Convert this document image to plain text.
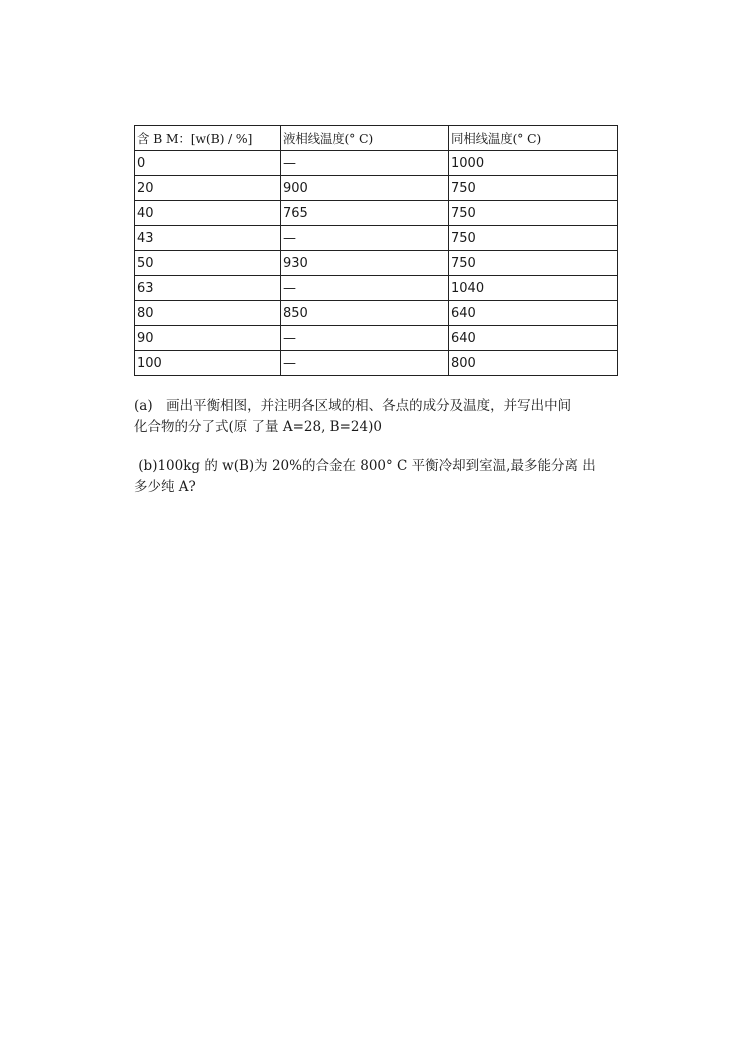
含 B M：[w(B) / %]	液相线温度(° C)	同相线温度(° C)
0	—	1000
20	900	750
40	765	750
43	—	750
50	930	750
63	—	1040
80	850	640
90	—	640
100	—	800
(a)　画出平衡相图，并注明各区域的相、各点的成分及温度，并写出中间
化合物的分了式(原 了量 A=28, B=24)0
(b)100kg 的 w(B)为 20%的合金在 800° C 平衡冷却到室温,最多能分离 出
多少纯 A?
